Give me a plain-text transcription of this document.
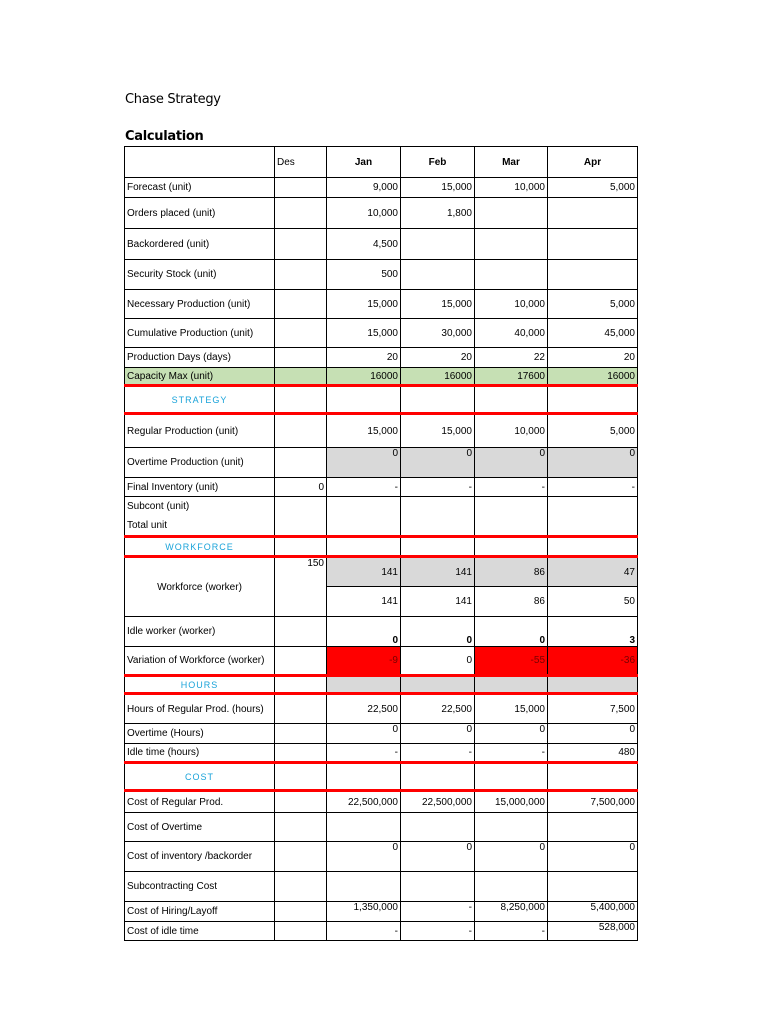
Chase Strategy
Calculation
	Des	Jan	Feb	Mar	Apr
Forecast (unit)		9,000	15,000	10,000	5,000
Orders placed (unit)		10,000	1,800		
Backordered (unit)		4,500			
Security Stock (unit)		500			
Necessary Production (unit)		15,000	15,000	10,000	5,000
Cumulative Production (unit)		15,000	30,000	40,000	45,000
Production Days (days)		20	20	22	20
Capacity Max (unit)		16000	16000	17600	16000
STRATEGY					
Regular Production (unit)		15,000	15,000	10,000	5,000
Overtime Production (unit)		0	0	0	0
Final Inventory (unit)	0	-	-	-	-

Subcont (unit)
Total unit					

WORKFORCE					
Workforce (worker)	150	141	141	86	47
		141	141	86	50
Idle worker (worker)		0	0	0	3
Variation of Workforce (worker)		-9	0	-55	-36
HOURS					
Hours of Regular Prod. (hours)		22,500	22,500	15,000	7,500
Overtime (Hours)		0	0	0	0
Idle time (hours)		-	-	-	480
COST					
Cost of Regular Prod.		22,500,000	22,500,000	15,000,000	7,500,000
Cost of Overtime					
Cost of inventory /backorder		0	0	0	0
Subcontracting Cost					
Cost of Hiring/Layoff		1,350,000	-	8,250,000	5,400,000
Cost of idle time		-	-	-	528,000
